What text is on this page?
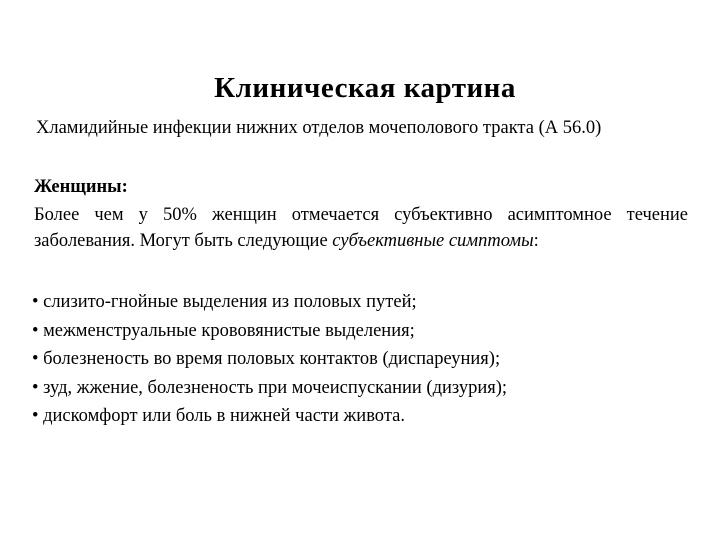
Клиническая картина
Хламидийные инфекции нижних отделов мочеполового тракта (А 56.0)
Женщины:
Более чем у 50% женщин отмечается субъективно асимптомное течение заболевания. Могут быть следующие субъективные симптомы:
• слизито-гнойные выделения из половых путей;
• межменструальные крововянистые выделения;
• болезненость во время половых контактов (диспареуния);
• зуд, жжение, болезненость при мочеиспускании (дизурия);
• дискомфорт или боль в нижней части живота.
